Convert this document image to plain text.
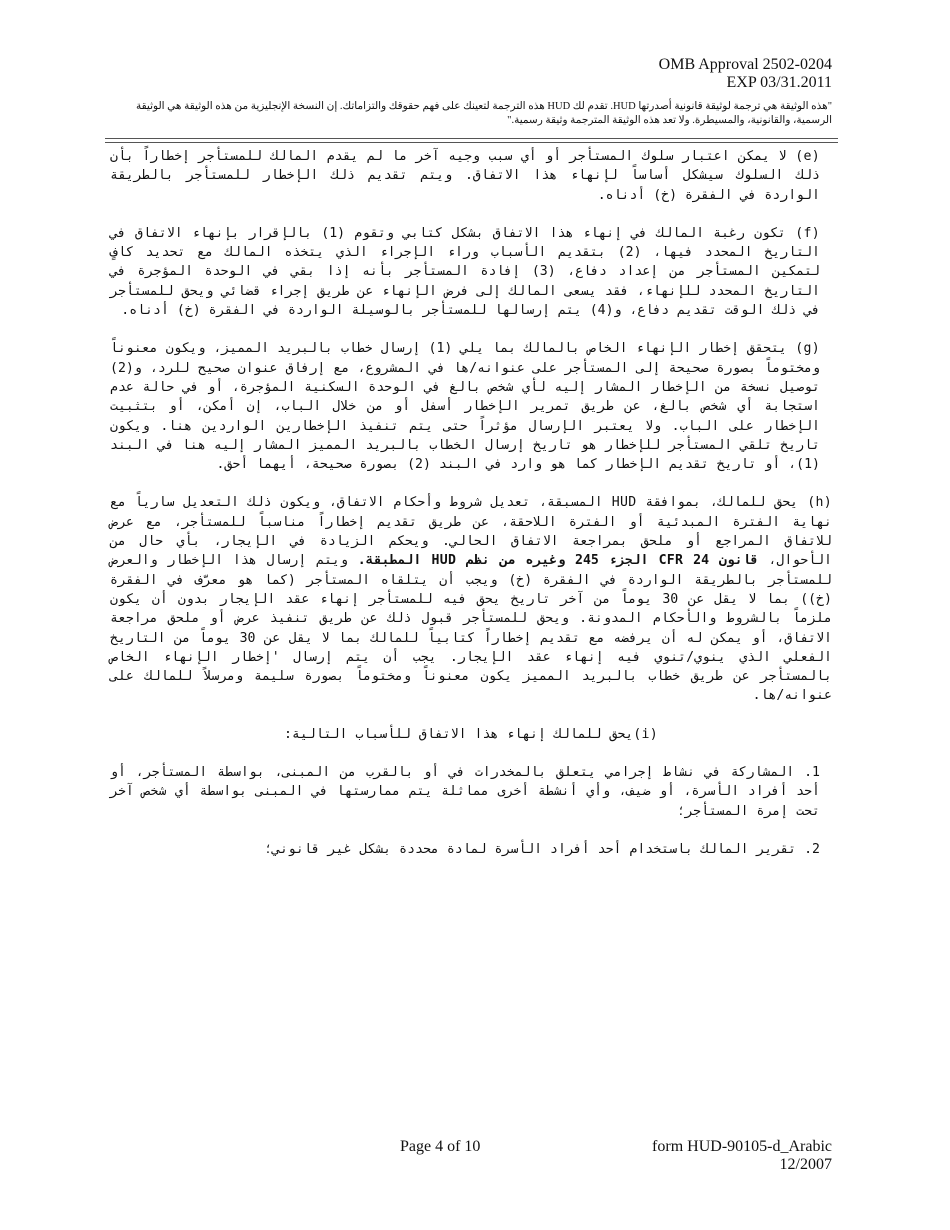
OMB Approval 2502-0204
EXP 03/31.2011
"هذه الوثيقة هي ترجمة لوثيقة قانونية أصدرتها HUD. تقدم لك HUD هذه الترجمة لتعينك على فهم حقوقك والتزاماتك. إن النسخة الإنجليزية من هذه الوثيقة هي الوثيقة الرسمية، والقانونية، والمسيطرة. ولا تعد هذه الوثيقة المترجمة وثيقة رسمية."

(e) لا يمكن اعتبار سلوك المستأجر أو أي سبب وجيه آخر ما لم يقدم المالك للمستأجر إخطاراً بأن ذلك السلوك سيشكل أساساً لإنهاء هذا الاتفاق. ويتم تقديم ذلك الإخطار للمستأجر بالطريقة الواردة في الفقرة (خ) أدناه.

(f) تكون رغبة المالك في إنهاء هذا الاتفاق بشكل كتابي وتقوم (1) بالإقرار بإنهاء الاتفاق في التاريخ المحدد فيها، (2) بتقديم الأسباب وراء الإجراء الذي يتخذه المالك مع تحديد كافٍ لتمكين المستأجر من إعداد دفاع، (3) إفادة المستأجر بأنه إذا بقي في الوحدة المؤجرة في التاريخ المحدد للإنهاء، فقد يسعى المالك إلى فرض الإنهاء عن طريق إجراء قضائي ويحق للمستأجر في ذلك الوقت تقديم دفاع، و(4) يتم إرسالها للمستأجر بالوسيلة الواردة في الفقرة (خ) أدناه.

(g) يتحقق إخطار الإنهاء الخاص بالمالك بما يلي (1) إرسال خطاب بالبريد المميز، ويكون معنوناً ومختوماً بصورة صحيحة إلى المستأجر على عنوانه/ها في المشروع، مع إرفاق عنوان صحيح للرد، و(2) توصيل نسخة من الإخطار المشار إليه لأي شخص بالغ في الوحدة السكنية المؤجرة، أو في حالة عدم استجابة أي شخص بالغ، عن طريق تمرير الإخطار أسفل أو من خلال الباب، إن أمكن، أو بتثبيت الإخطار على الباب. ولا يعتبر الإرسال مؤثراً حتى يتم تنفيذ الإخطارين الواردين هنا. ويكون تاريخ تلقي المستأجر للإخطار هو تاريخ إرسال الخطاب بالبريد المميز المشار إليه هنا في البند (1)، أو تاريخ تقديم الإخطار كما هو وارد في البند (2) بصورة صحيحة، أيهما أحق.

(h) يحق للمالك، بموافقة HUD المسبقة، تعديل شروط وأحكام الاتفاق، ويكون ذلك التعديل سارياً مع نهاية الفترة المبدئية أو الفترة اللاحقة، عن طريق تقديم إخطاراً مناسباً للمستأجر، مع عرض للاتفاق المراجع أو ملحق بمراجعة الاتفاق الحالي. ويحكم الزيادة في الإيجار، بأي حال من الأحوال، قانون 24 CFR الجزء 245 وغيره من نظم HUD المطبقة. ويتم إرسال هذا الإخطار والعرض للمستأجر بالطريقة الواردة في الفقرة (خ) ويجب أن يتلقاه المستأجر (كما هو معرّف في الفقرة (خ)) بما لا يقل عن 30 يوماً من آخر تاريخ يحق فيه للمستأجر إنهاء عقد الإيجار بدون أن يكون ملزماً بالشروط والأحكام المدونة. ويحق للمستأجر قبول ذلك عن طريق تنفيذ عرض أو ملحق مراجعة الاتفاق، أو يمكن له أن يرفضه مع تقديم إخطاراً كتابياً للمالك بما لا يقل عن 30 يوماً من التاريخ الفعلي الذي ينوي/تنوي فيه إنهاء عقد الإيجار. يجب أن يتم إرسال 'إخطار الإنهاء الخاص بالمستأجر عن طريق خطاب بالبريد المميز يكون معنوناً ومختوماً بصورة سليمة ومرسلاً للمالك على عنوانه/ها.

(i)يحق للمالك إنهاء هذا الاتفاق للأسباب التالية:

1. المشاركة في نشاط إجرامي يتعلق بالمخدرات في أو بالقرب من المبنى، بواسطة المستأجر، أو أحد أفراد الأسرة، أو ضيف، وأي أنشطة أخرى مماثلة يتم ممارستها في المبنى بواسطة أي شخص آخر تحت إمرة المستأجر؛

2. تقرير المالك باستخدام أحد أفراد الأسرة لمادة محددة بشكل غير قانوني؛

Page 4 of 10	form HUD-90105-d_Arabic
12/2007
